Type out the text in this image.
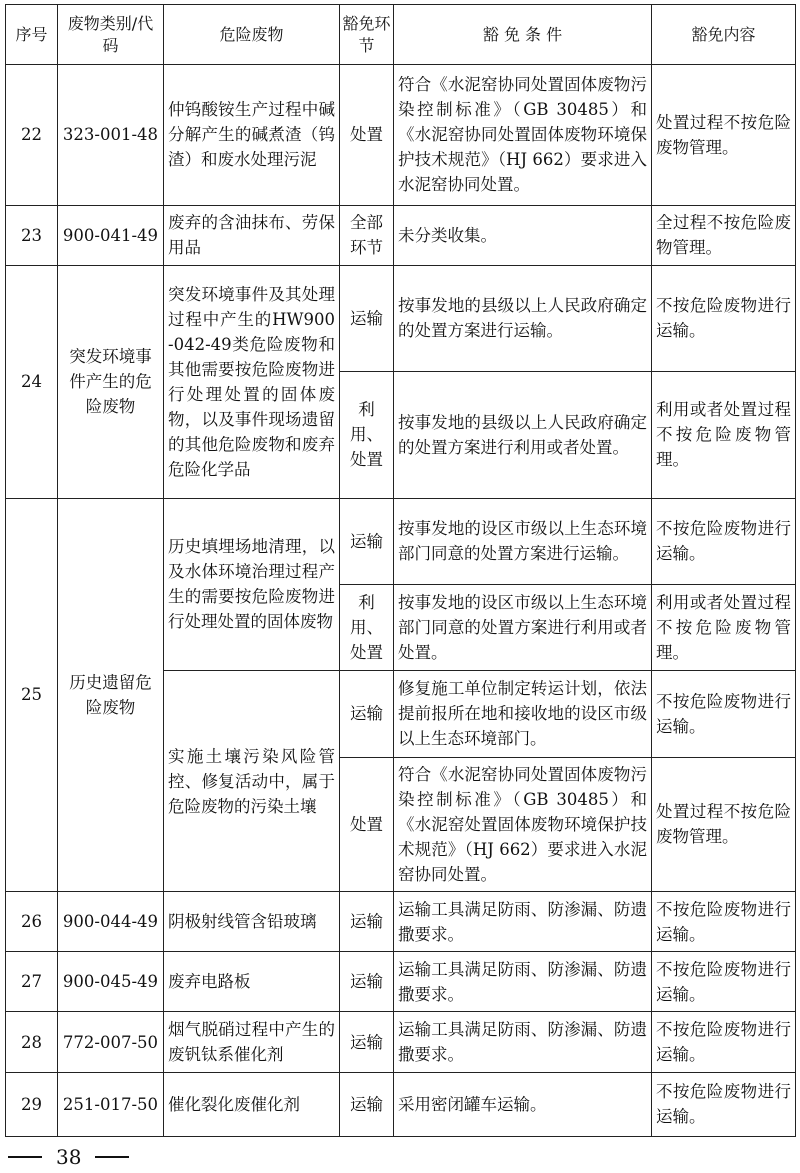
序号	废物类别/代码	危险废物	豁免环节	豁 免 条 件	豁免内容
22	323-001-48	仲钨酸铵生产过程中碱分解产生的碱煮渣（钨渣）和废水处理污泥	处置	符合《水泥窑协同处置固体废物污染控制标准》（GB 30485）和《水泥窑协同处置固体废物环境保护技术规范》（HJ 662）要求进入水泥窑协同处置。	处置过程不按危险废物管理。
23	900-041-49	废弃的含油抹布、劳保用品	全部环节	未分类收集。	全过程不按危险废物管理。
24	突发环境事件产生的危险废物	突发环境事件及其处理过程中产生的HW900-042-49类危险废物和其他需要按危险废物进行处理处置的固体废物，以及事件现场遗留的其他危险废物和废弃危险化学品	运输	按事发地的县级以上人民政府确定的处置方案进行运输。	不按危险废物进行运输。
			利用、处置	按事发地的县级以上人民政府确定的处置方案进行利用或者处置。	利用或者处置过程不按危险废物管理。
25	历史遗留危险废物	历史填埋场地清理，以及水体环境治理过程产生的需要按危险废物进行处理处置的固体废物	运输	按事发地的设区市级以上生态环境部门同意的处置方案进行运输。	不按危险废物进行运输。
			利用、处置	按事发地的设区市级以上生态环境部门同意的处置方案进行利用或者处置。	利用或者处置过程不按危险废物管理。
		实施土壤污染风险管控、修复活动中，属于危险废物的污染土壤	运输	修复施工单位制定转运计划，依法提前报所在地和接收地的设区市级以上生态环境部门。	不按危险废物进行运输。
			处置	符合《水泥窑协同处置固体废物污染控制标准》（GB 30485）和《水泥窑处置固体废物环境保护技术规范》（HJ 662）要求进入水泥窑协同处置。	处置过程不按危险废物管理。
26	900-044-49	阴极射线管含铅玻璃	运输	运输工具满足防雨、防渗漏、防遗撒要求。	不按危险废物进行运输。
27	900-045-49	废弃电路板	运输	运输工具满足防雨、防渗漏、防遗撒要求。	不按危险废物进行运输。
28	772-007-50	烟气脱硝过程中产生的废钒钛系催化剂	运输	运输工具满足防雨、防渗漏、防遗撒要求。	不按危险废物进行运输。
29	251-017-50	催化裂化废催化剂	运输	采用密闭罐车运输。	不按危险废物进行运输。
38
